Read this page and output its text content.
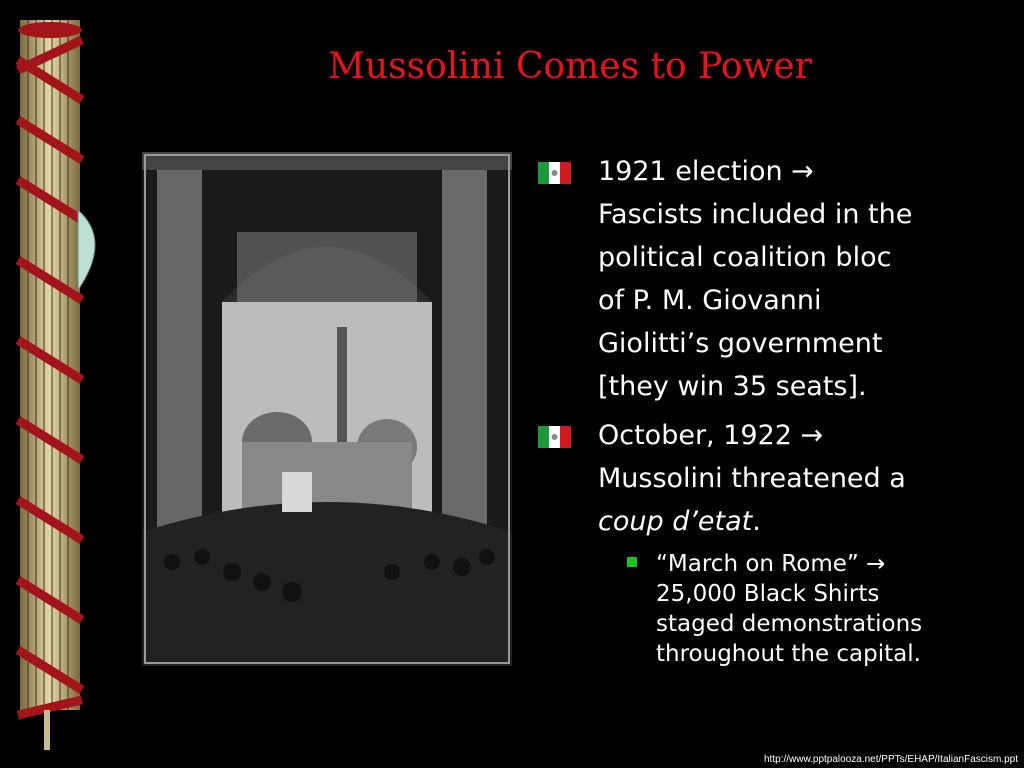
Mussolini Comes to Power
1921 election →
Fascists included in the
political coalition bloc
of P. M. Giovanni
Giolitti’s government
[they win 35 seats].
October, 1922 →
Mussolini threatened a
coup d’etat.
“March on Rome” →
25,000 Black Shirts
staged demonstrations
throughout the capital.
http://www.pptpalooza.net/PPTs/EHAP/ItalianFascism.ppt
